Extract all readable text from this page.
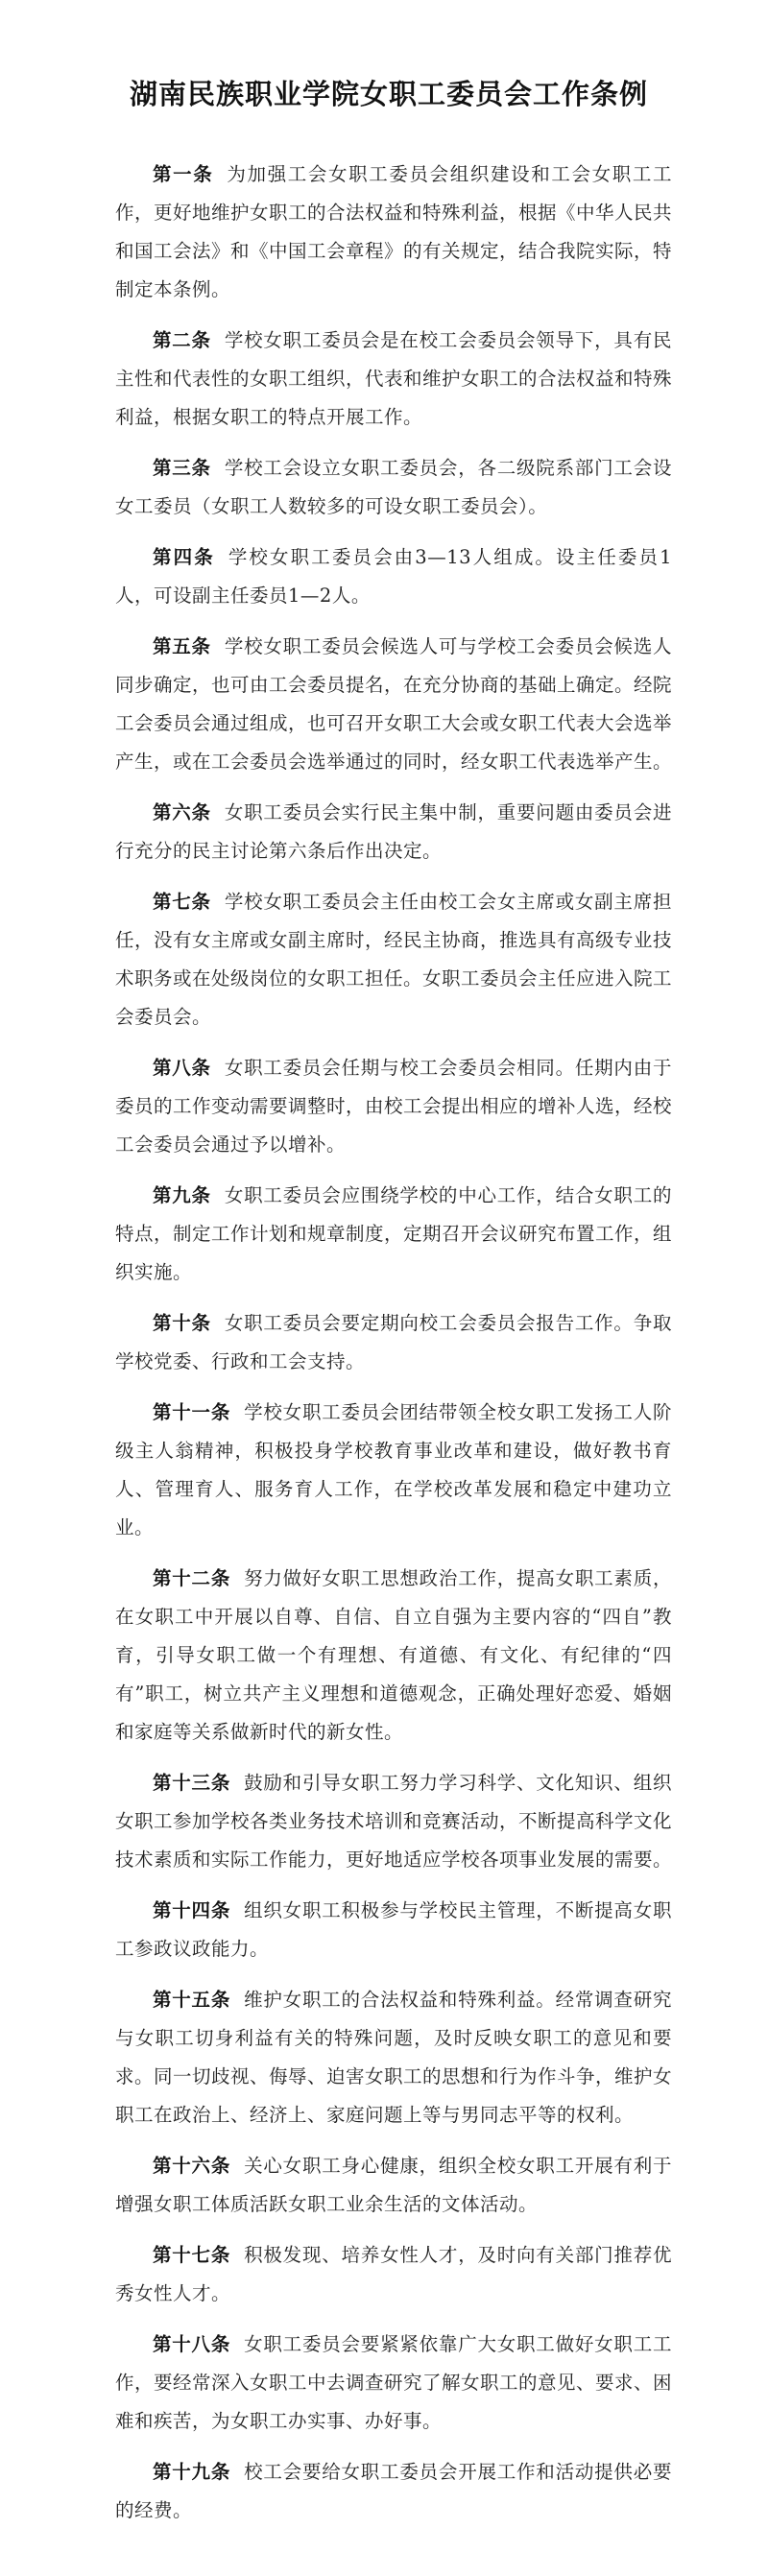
湖南民族职业学院女职工委员会工作条例

第一条 为加强工会女职工委员会组织建设和工会女职工工作，更好地维护女职工的合法权益和特殊利益，根据《中华人民共和国工会法》和《中国工会章程》的有关规定，结合我院实际，特制定本条例。

第二条 学校女职工委员会是在校工会委员会领导下，具有民主性和代表性的女职工组织，代表和维护女职工的合法权益和特殊利益，根据女职工的特点开展工作。

第三条 学校工会设立女职工委员会，各二级院系部门工会设女工委员（女职工人数较多的可设女职工委员会）。

第四条 学校女职工委员会由3—13人组成。设主任委员1人，可设副主任委员1—2人。

第五条 学校女职工委员会候选人可与学校工会委员会候选人同步确定，也可由工会委员提名，在充分协商的基础上确定。经院工会委员会通过组成，也可召开女职工大会或女职工代表大会选举产生，或在工会委员会选举通过的同时，经女职工代表选举产生。

第六条 女职工委员会实行民主集中制，重要问题由委员会进行充分的民主讨论第六条后作出决定。

第七条 学校女职工委员会主任由校工会女主席或女副主席担任，没有女主席或女副主席时，经民主协商，推选具有高级专业技术职务或在处级岗位的女职工担任。女职工委员会主任应进入院工会委员会。

第八条 女职工委员会任期与校工会委员会相同。任期内由于委员的工作变动需要调整时，由校工会提出相应的增补人选，经校工会委员会通过予以增补。

第九条 女职工委员会应围绕学校的中心工作，结合女职工的特点，制定工作计划和规章制度，定期召开会议研究布置工作，组织实施。

第十条 女职工委员会要定期向校工会委员会报告工作。争取学校党委、行政和工会支持。

第十一条 学校女职工委员会团结带领全校女职工发扬工人阶级主人翁精神，积极投身学校教育事业改革和建设，做好教书育人、管理育人、服务育人工作，在学校改革发展和稳定中建功立业。

第十二条 努力做好女职工思想政治工作，提高女职工素质，在女职工中开展以自尊、自信、自立自强为主要内容的“四自”教育，引导女职工做一个有理想、有道德、有文化、有纪律的“四有”职工，树立共产主义理想和道德观念，正确处理好恋爱、婚姻和家庭等关系做新时代的新女性。

第十三条 鼓励和引导女职工努力学习科学、文化知识、组织女职工参加学校各类业务技术培训和竞赛活动，不断提高科学文化技术素质和实际工作能力，更好地适应学校各项事业发展的需要。

第十四条 组织女职工积极参与学校民主管理，不断提高女职工参政议政能力。

第十五条 维护女职工的合法权益和特殊利益。经常调查研究与女职工切身利益有关的特殊问题，及时反映女职工的意见和要求。同一切歧视、侮辱、迫害女职工的思想和行为作斗争，维护女职工在政治上、经济上、家庭问题上等与男同志平等的权利。

第十六条 关心女职工身心健康，组织全校女职工开展有利于增强女职工体质活跃女职工业余生活的文体活动。

第十七条 积极发现、培养女性人才，及时向有关部门推荐优秀女性人才。

第十八条 女职工委员会要紧紧依靠广大女职工做好女职工工作，要经常深入女职工中去调查研究了解女职工的意见、要求、困难和疾苦，为女职工办实事、办好事。

第十九条 校工会要给女职工委员会开展工作和活动提供必要的经费。
